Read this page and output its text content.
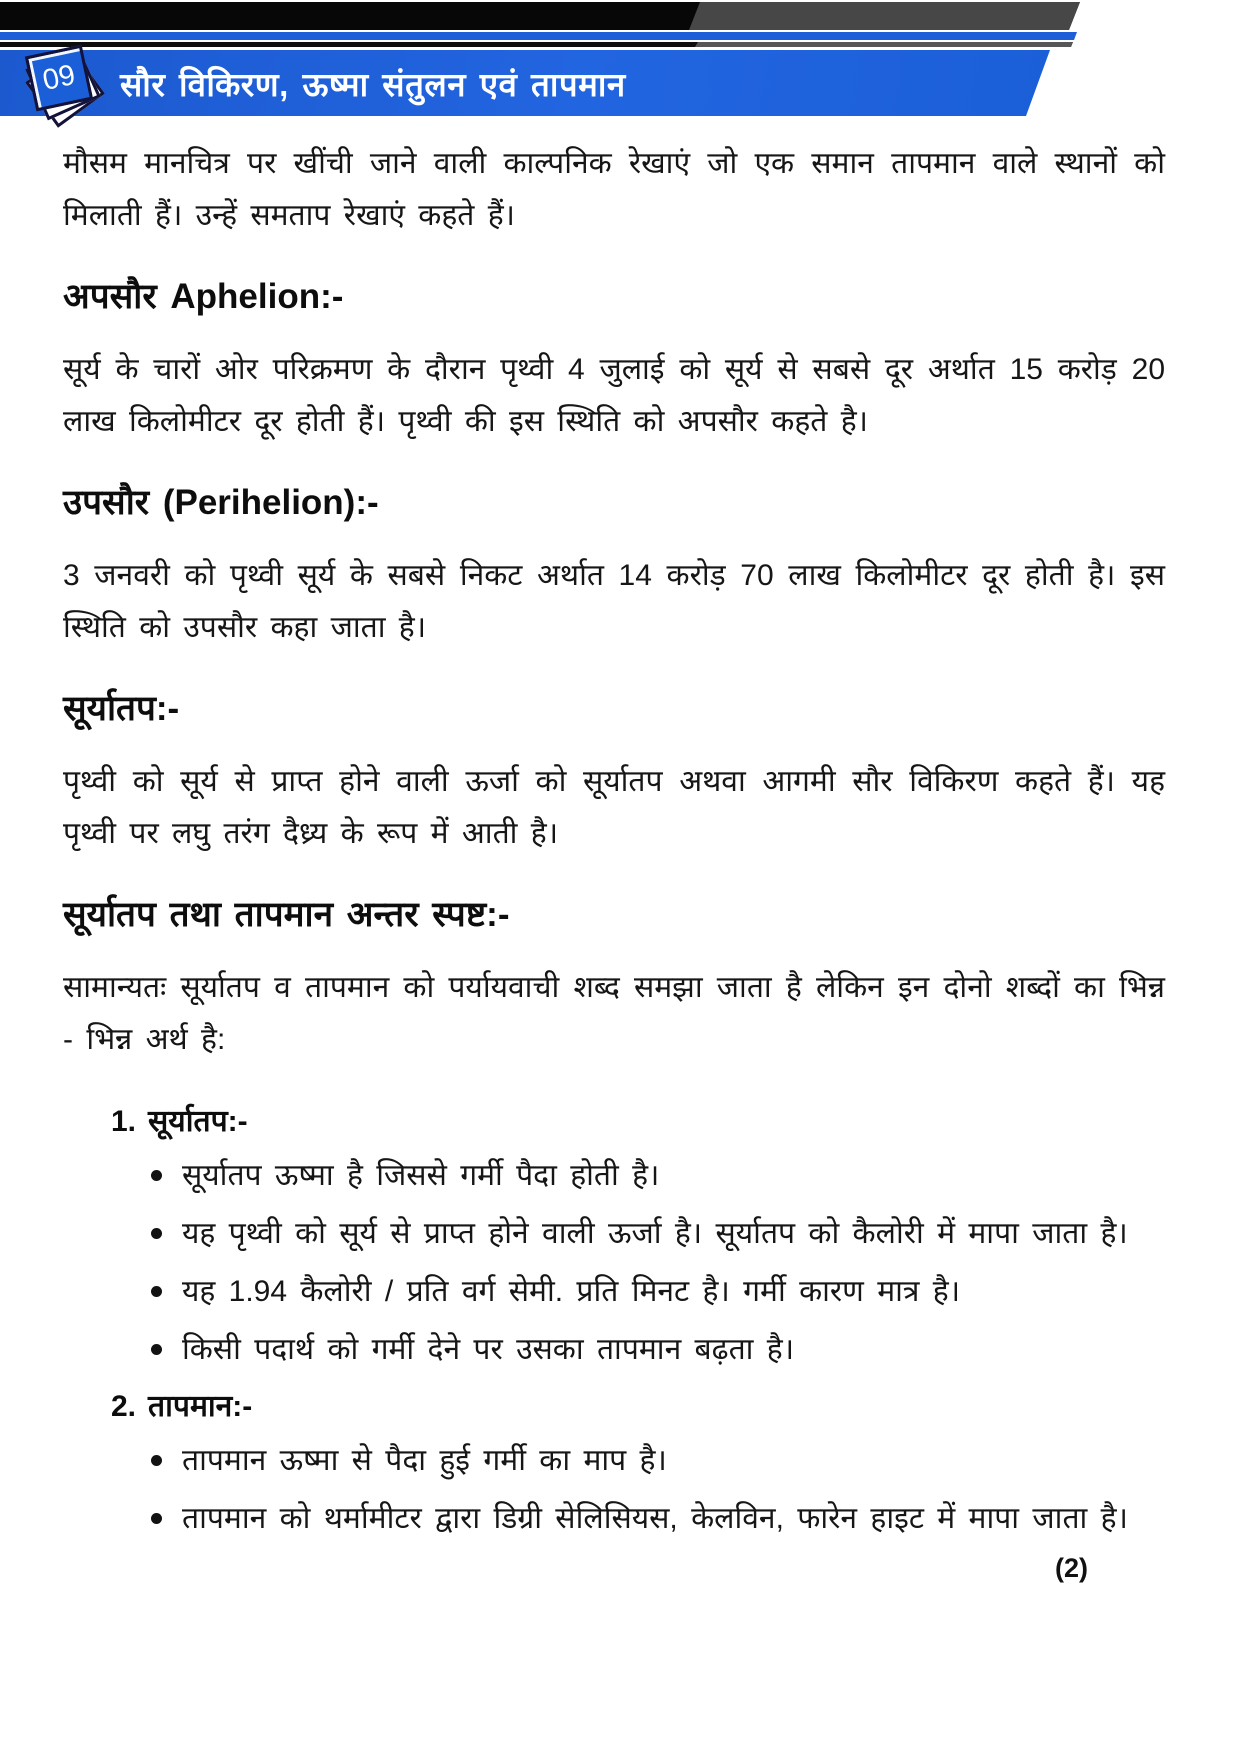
09 सौर विकिरण, ऊष्मा संतुलन एवं तापमान

मौसम मानचित्र पर खींची जाने वाली काल्पनिक रेखाएं जो एक समान तापमान वाले स्थानों को मिलाती हैं। उन्हें समताप रेखाएं कहते हैं।

अपसौर Aphelion:-

सूर्य के चारों ओर परिक्रमण के दौरान पृथ्वी 4 जुलाई को सूर्य से सबसे दूर अर्थात 15 करोड़ 20 लाख किलोमीटर दूर होती हैं। पृथ्वी की इस स्थिति को अपसौर कहते है।

उपसौर (Perihelion):-

3 जनवरी को पृथ्वी सूर्य के सबसे निकट अर्थात 14 करोड़ 70 लाख किलोमीटर दूर होती है। इस स्थिति को उपसौर कहा जाता है।

सूर्यातप:-

पृथ्वी को सूर्य से प्राप्त होने वाली ऊर्जा को सूर्यातप अथवा आगमी सौर विकिरण कहते हैं। यह पृथ्वी पर लघु तरंग दैध्र्य के रूप में आती है।

सूर्यातप तथा तापमान अन्तर स्पष्ट:-

सामान्यतः सूर्यातप व तापमान को पर्यायवाची शब्द समझा जाता है लेकिन इन दोनो शब्दों का भिन्न - भिन्न अर्थ है:

1. सूर्यातप:-
सूर्यातप ऊष्मा है जिससे गर्मी पैदा होती है।
यह पृथ्वी को सूर्य से प्राप्त होने वाली ऊर्जा है। सूर्यातप को कैलोरी में मापा जाता है।
यह 1.94 कैलोरी / प्रति वर्ग सेमी. प्रति मिनट है। गर्मी कारण मात्र है।
किसी पदार्थ को गर्मी देने पर उसका तापमान बढ़ता है।
2. तापमान:-
तापमान ऊष्मा से पैदा हुई गर्मी का माप है।
तापमान को थर्मामीटर द्वारा डिग्री सेलिसियस, केलविन, फारेन हाइट में मापा जाता है।
(2)
